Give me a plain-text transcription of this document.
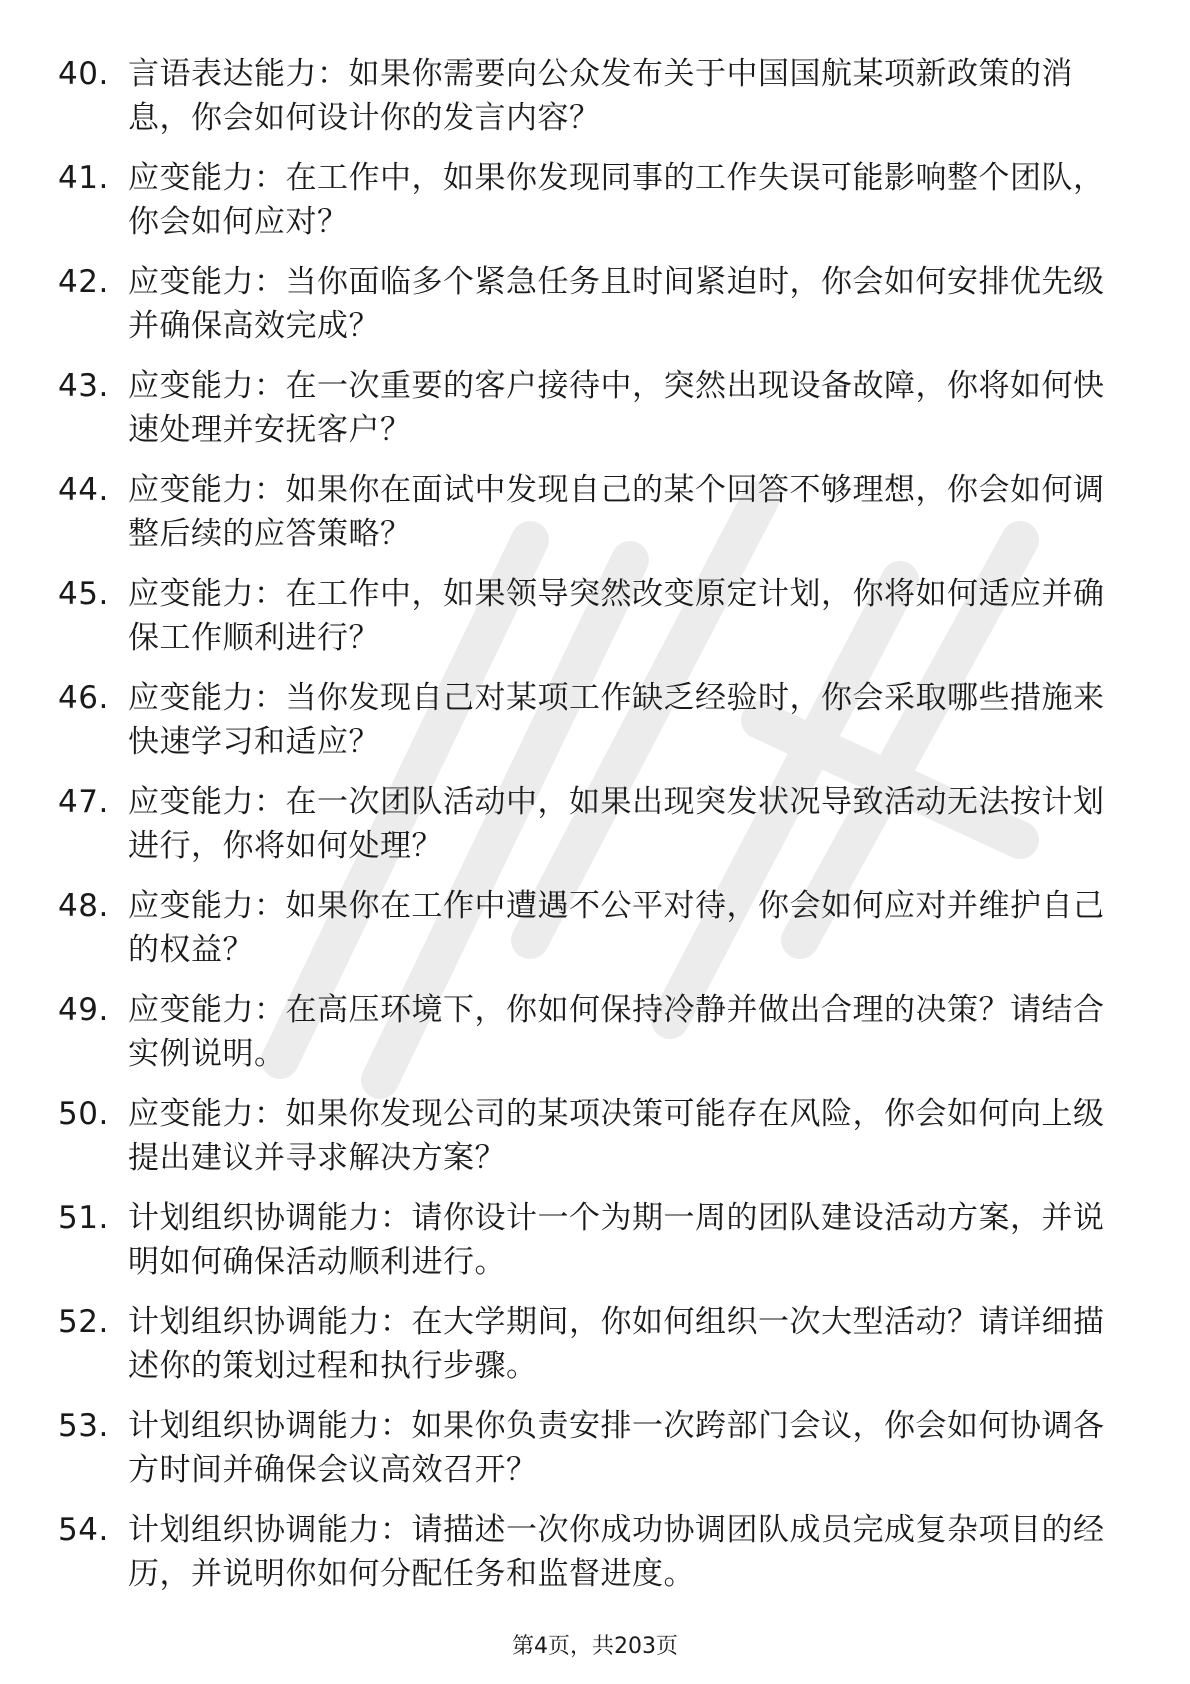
40. 言语表达能力：如果你需要向公众发布关于中国国航某项新政策的消息，你会如何设计你的发言内容？
41. 应变能力：在工作中，如果你发现同事的工作失误可能影响整个团队，你会如何应对？
42. 应变能力：当你面临多个紧急任务且时间紧迫时，你会如何安排优先级并确保高效完成？
43. 应变能力：在一次重要的客户接待中，突然出现设备故障，你将如何快速处理并安抚客户？
44. 应变能力：如果你在面试中发现自己的某个回答不够理想，你会如何调整后续的应答策略？
45. 应变能力：在工作中，如果领导突然改变原定计划，你将如何适应并确保工作顺利进行？
46. 应变能力：当你发现自己对某项工作缺乏经验时，你会采取哪些措施来快速学习和适应？
47. 应变能力：在一次团队活动中，如果出现突发状况导致活动无法按计划进行，你将如何处理？
48. 应变能力：如果你在工作中遭遇不公平对待，你会如何应对并维护自己的权益？
49. 应变能力：在高压环境下，你如何保持冷静并做出合理的决策？请结合实例说明。
50. 应变能力：如果你发现公司的某项决策可能存在风险，你会如何向上级提出建议并寻求解决方案？
51. 计划组织协调能力：请你设计一个为期一周的团队建设活动方案，并说明如何确保活动顺利进行。
52. 计划组织协调能力：在大学期间，你如何组织一次大型活动？请详细描述你的策划过程和执行步骤。
53. 计划组织协调能力：如果你负责安排一次跨部门会议，你会如何协调各方时间并确保会议高效召开？
54. 计划组织协调能力：请描述一次你成功协调团队成员完成复杂项目的经历，并说明你如何分配任务和监督进度。
第4页，共203页
